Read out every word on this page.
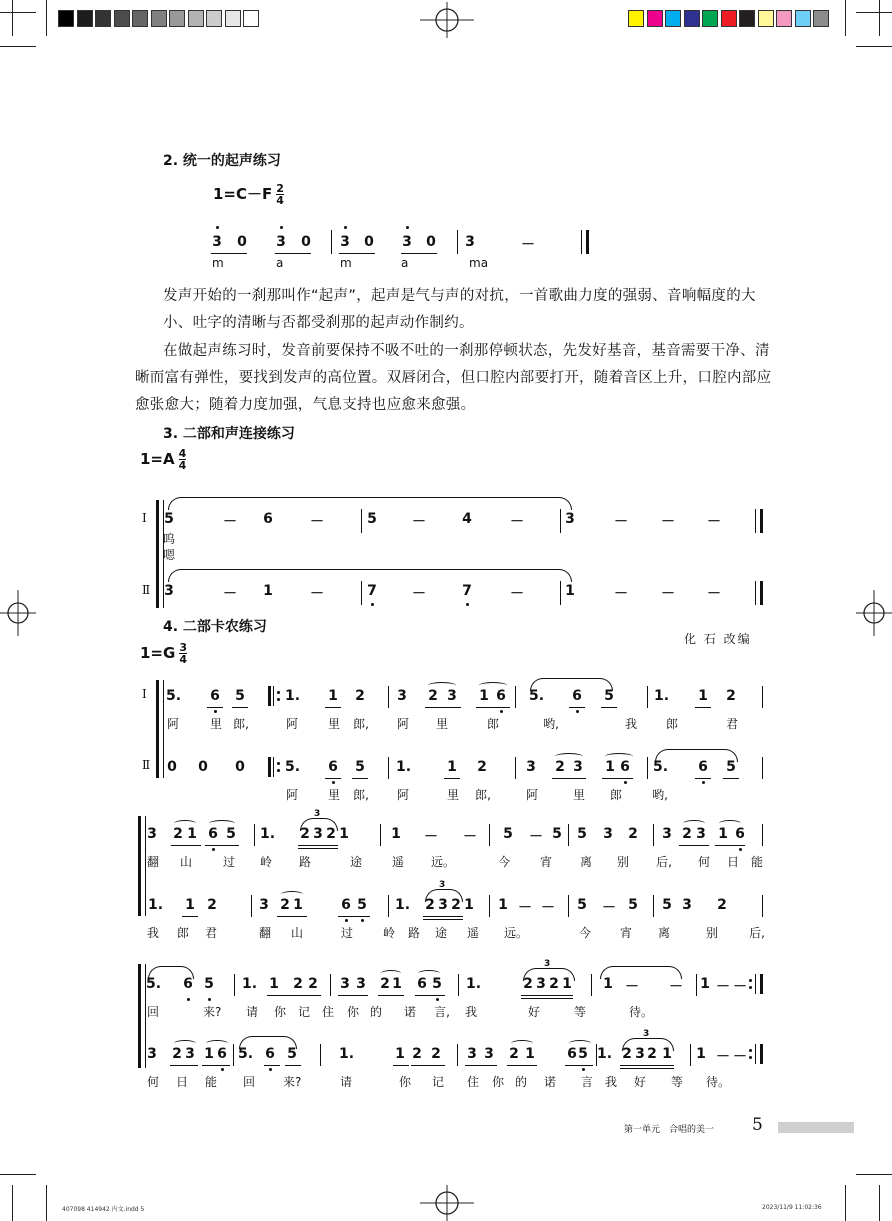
2. 统一的起声练习
$1=C-F \frac{2}{4}$
3 0 3 0 3 0 3 0 3	－
m	a	m	a	ma
发声开始的一刹那叫作“起声”，起声是气与声的对抗，一首歌曲力度的强弱、音响幅度的大小、吐字的清晰与否都受刹那的起声动作制约。
在做起声练习时，发音前要保持不吸不吐的一刹那停顿状态，先发好基音，基音需要干净、清晰而富有弹性，要找到发声的高位置。双唇闭合，但口腔内部要打开，随着音区上升，口腔内部应愈张愈大；随着力度加强，气息支持也应愈来愈强。
3. 二部和声连接练习
$1=A \frac{4}{4}$
Ⅰ
Ⅱ
5	－ 6	－	5	－	4	－	3	－ － －
3	－ 1	－	7	－	7	－	1	－ － －
呜
嗯
4. 二部卡农练习
化 石 改编
$1=G \frac{3}{4}$
Ⅰ
Ⅱ
5. 6 5	1. 1 2 3 2 3 1 6 5. 6 5	1. 1 2
阿	里 郎,	阿 里 郎, 阿 里	郎	哟,	我 郎	君
0 0 0	5. 6 5 1.	1 2	3 2 3 1 6 5. 6 5
阿 里 郎, 阿	里 郎,	阿	里 郎	哟,
3 2 1 6 5 1. 2 3 2 1	1 － － 5 － 5 5 3 2 3 2 3 1 6
3
翻 山	过 岭 路	途 遥 远。	今 宵 离 别 后, 何 日 能
1. 1 2	3 2 1	6 5 1. 2 3 2 1 1 － － 5 － 5 5 3 2
3
我 郎 君	翻 山	过 岭 路 途 遥 远。	今 宵 离	别	后,
5. 6 5 1. 1 2 2 3 3 2 1 6 5 1.	2 3 2 1 1 － － 1 － －
3
回	来? 请 你 记 住 你 的 诺 言, 我	好	等	待。
3 2 3 1 6 5. 6 5	1.	1 2 2 3 3 2 1 6 5 1. 2 3 2 1 1 － －
3
何 日 能 回 来?	请	你 记 住 你 的 诺 言 我 好 等 待。
第一单元　合唱的美一 5
407098 414942 内文.indd 5	2023/11/9 11:02:36
